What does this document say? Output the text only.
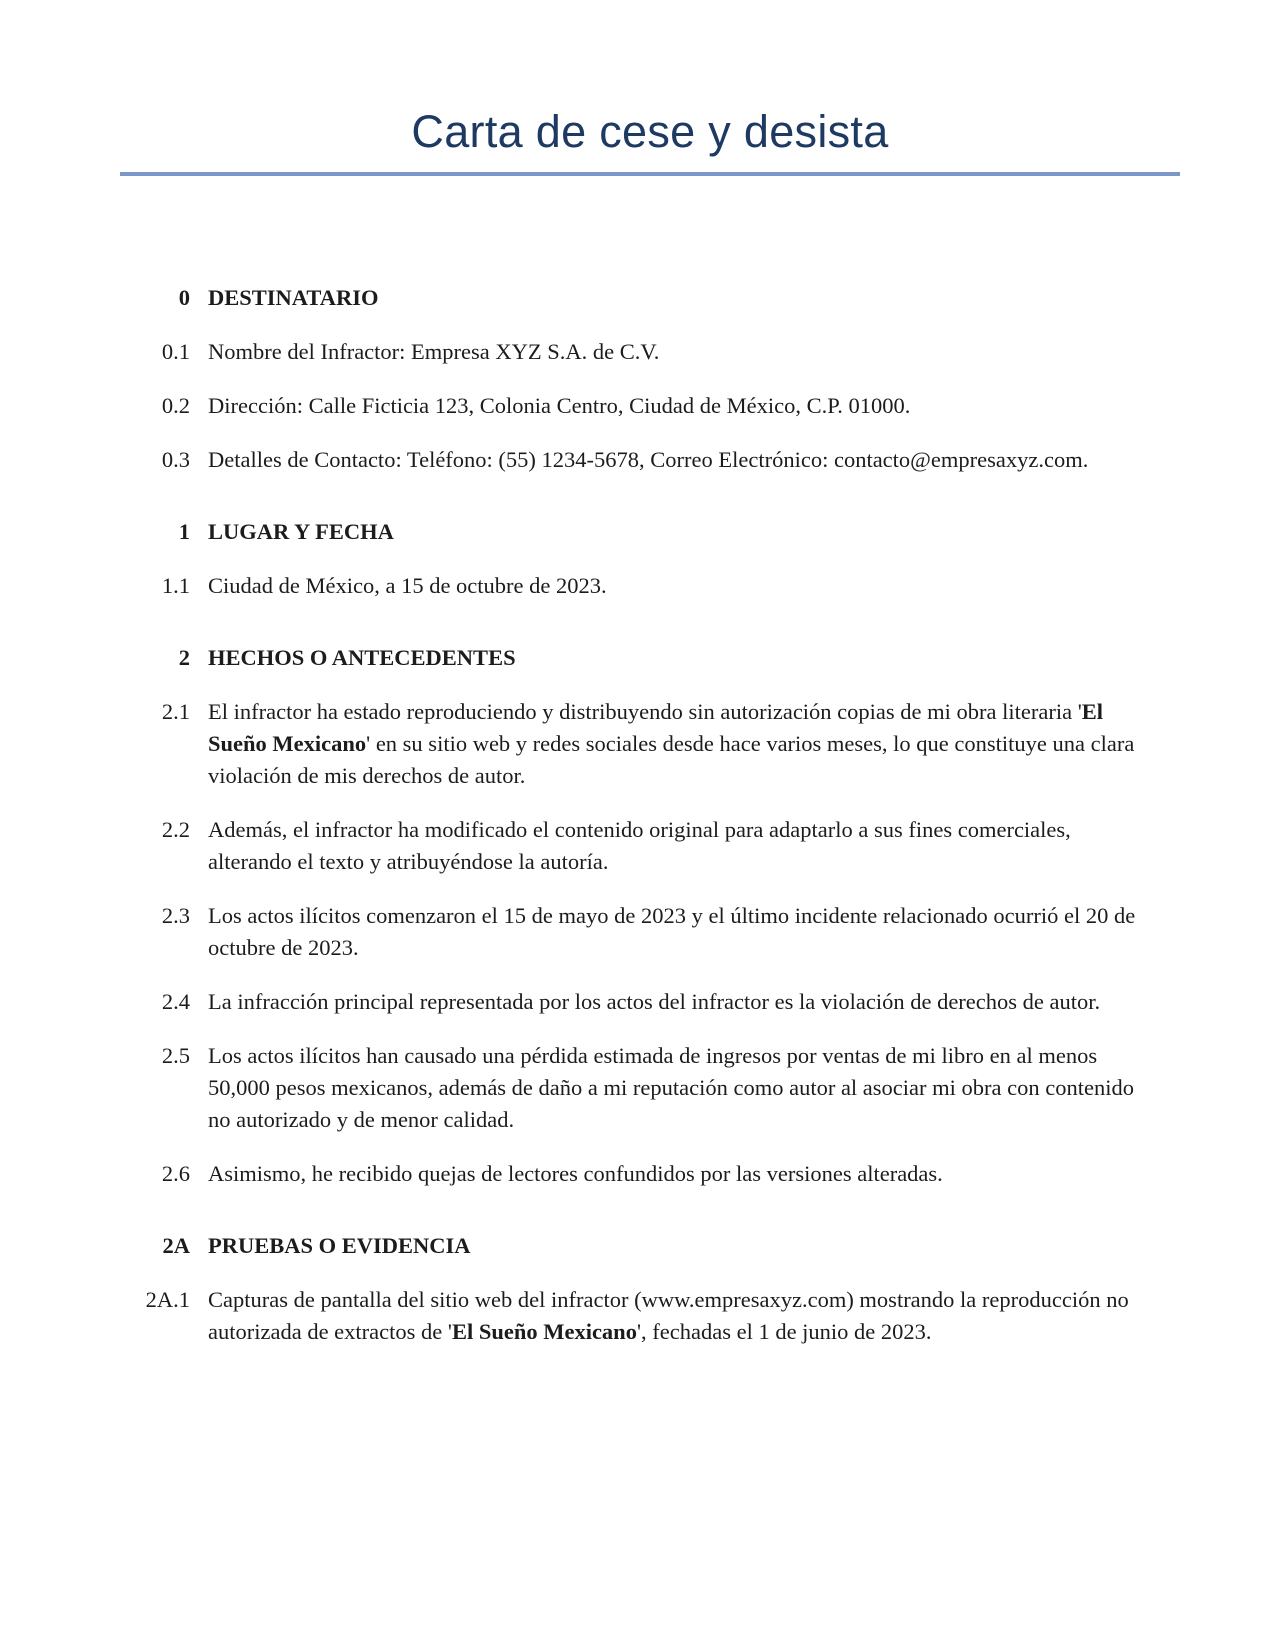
Carta de cese y desista
0 DESTINATARIO

0.1 Nombre del Infractor: Empresa XYZ S.A. de C.V.

0.2 Dirección: Calle Ficticia 123, Colonia Centro, Ciudad de México, C.P. 01000.

0.3 Detalles de Contacto: Teléfono: (55) 1234-5678, Correo Electrónico: contacto@empresaxyz.com.

1 LUGAR Y FECHA

1.1 Ciudad de México, a 15 de octubre de 2023.

2 HECHOS O ANTECEDENTES

2.1 El infractor ha estado reproduciendo y distribuyendo sin autorización copias de mi obra literaria 'El Sueño Mexicano' en su sitio web y redes sociales desde hace varios meses, lo que constituye una clara violación de mis derechos de autor.

2.2 Además, el infractor ha modificado el contenido original para adaptarlo a sus fines comerciales, alterando el texto y atribuyéndose la autoría.

2.3 Los actos ilícitos comenzaron el 15 de mayo de 2023 y el último incidente relacionado ocurrió el 20 de octubre de 2023.

2.4 La infracción principal representada por los actos del infractor es la violación de derechos de autor.

2.5 Los actos ilícitos han causado una pérdida estimada de ingresos por ventas de mi libro en al menos 50,000 pesos mexicanos, además de daño a mi reputación como autor al asociar mi obra con contenido no autorizado y de menor calidad.

2.6 Asimismo, he recibido quejas de lectores confundidos por las versiones alteradas.

2A PRUEBAS O EVIDENCIA

2A.1 Capturas de pantalla del sitio web del infractor (www.empresaxyz.com) mostrando la reproducción no autorizada de extractos de 'El Sueño Mexicano', fechadas el 1 de junio de 2023.
